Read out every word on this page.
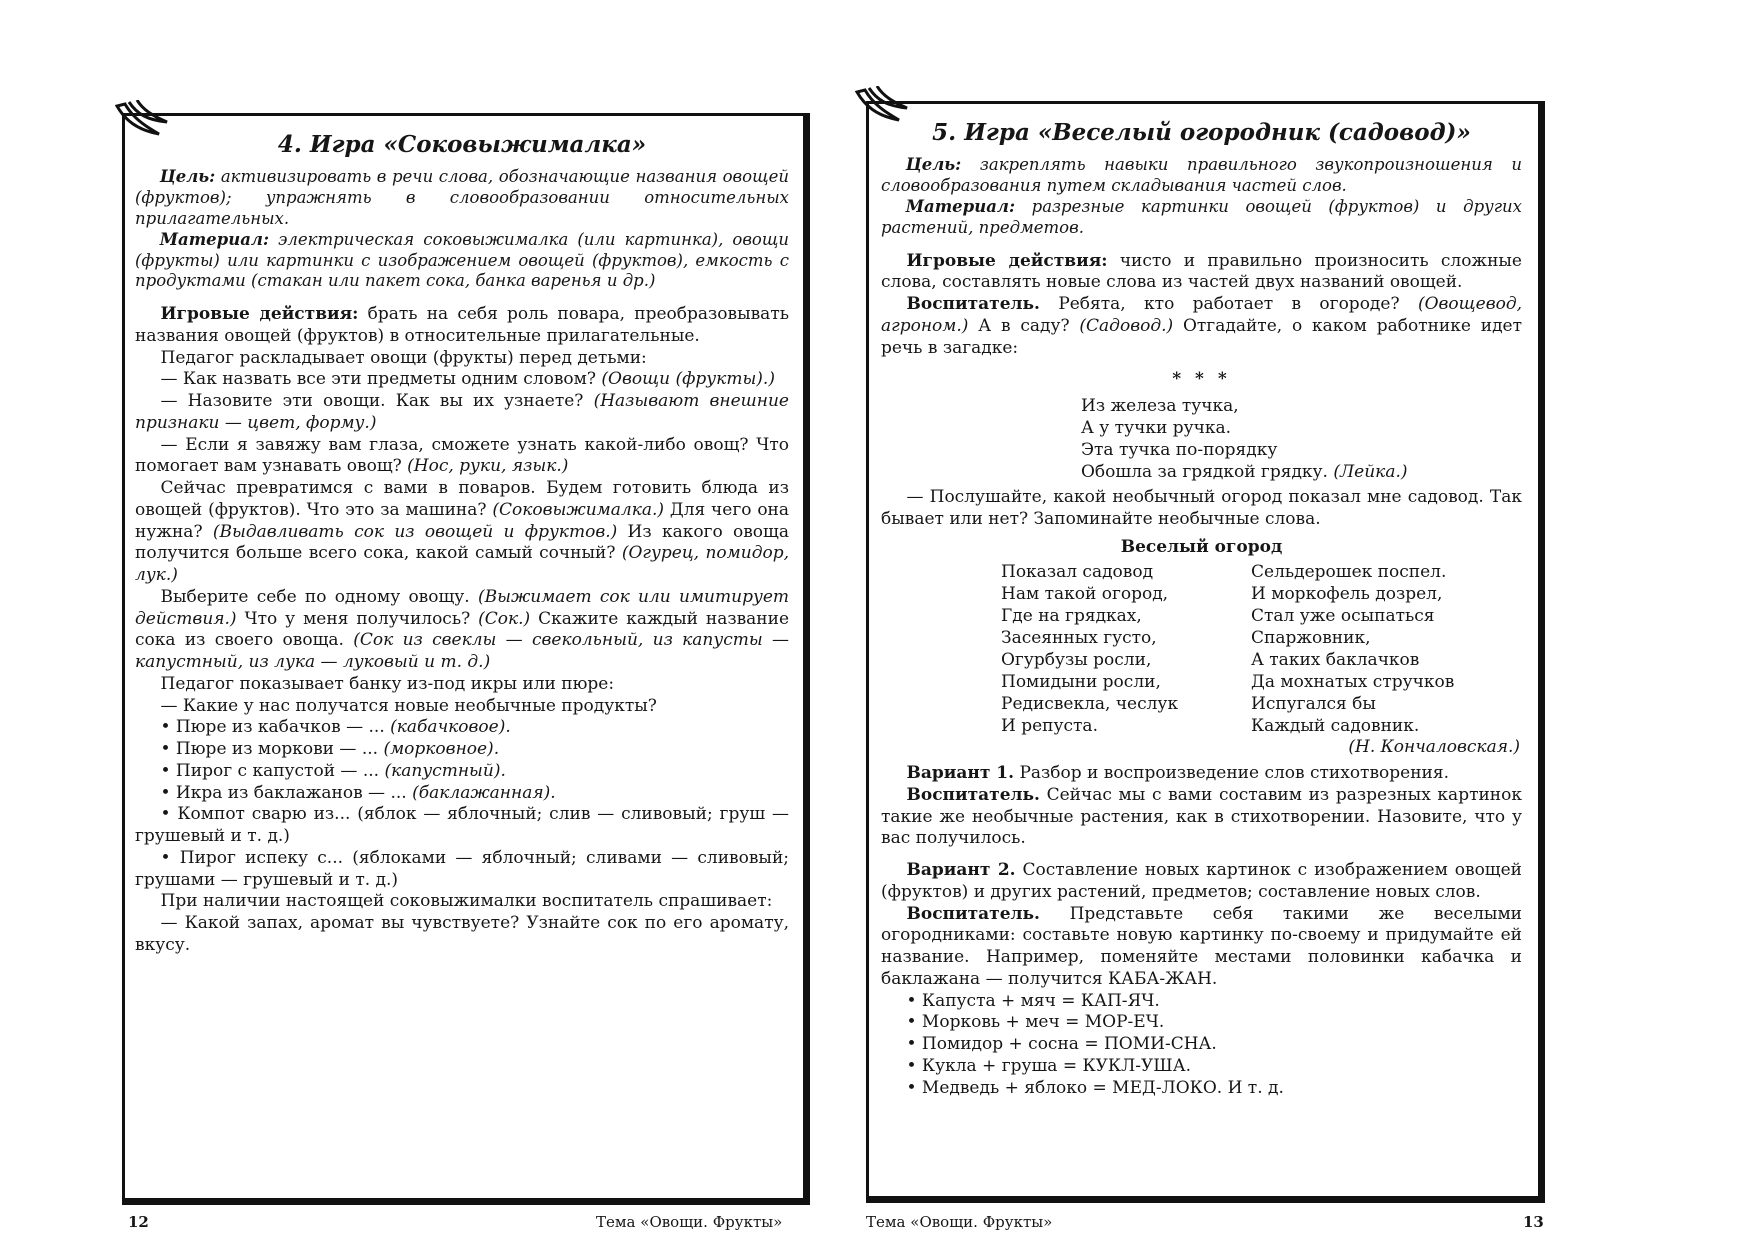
4. Игра «Соковыжималка»

Цель: активизировать в речи слова, обозначающие названия овощей (фруктов); упражнять в словообразовании относительных прилагательных.

Материал: электрическая соковыжималка (или картинка), овощи (фрукты) или картинки с изображением овощей (фруктов), емкость с продуктами (стакан или пакет сока, банка варенья и др.)

Игровые действия: брать на себя роль повара, преобразовывать названия овощей (фруктов) в относительные прилагательные.

Педагог раскладывает овощи (фрукты) перед детьми:

— Как назвать все эти предметы одним словом? (Овощи (фрукты).)

— Назовите эти овощи. Как вы их узнаете? (Называют внешние признаки — цвет, форму.)

— Если я завяжу вам глаза, сможете узнать какой-либо овощ? Что помогает вам узнавать овощ? (Нос, руки, язык.)

Сейчас превратимся с вами в поваров. Будем готовить блюда из овощей (фруктов). Что это за машина? (Соковыжималка.) Для чего она нужна? (Выдавливать сок из овощей и фруктов.) Из какого овоща получится больше всего сока, какой самый сочный? (Огурец, помидор, лук.)

Выберите себе по одному овощу. (Выжимает сок или имитирует действия.) Что у меня получилось? (Сок.) Скажите каждый название сока из своего овоща. (Сок из свеклы — свекольный, из капусты — капустный, из лука — луковый и т. д.)

Педагог показывает банку из-под икры или пюре:

— Какие у нас получатся новые необычные продукты?

• Пюре из кабачков — ... (кабачковое).

• Пюре из моркови — ... (морковное).

• Пирог с капустой — ... (капустный).

• Икра из баклажанов — ... (баклажанная).

• Компот сварю из... (яблок — яблочный; слив — сливовый; груш — грушевый и т. д.)

• Пирог испеку с... (яблоками — яблочный; сливами — сливовый; грушами — грушевый и т. д.)

При наличии настоящей соковыжималки воспитатель спрашивает:

— Какой запах, аромат вы чувствуете? Узнайте сок по его аромату, вкусу.

5. Игра «Веселый огородник (садовод)»

Цель: закреплять навыки правильного звукопроизношения и словообразования путем складывания частей слов.

Материал: разрезные картинки овощей (фруктов) и других растений, предметов.

Игровые действия: чисто и правильно произносить сложные слова, составлять новые слова из частей двух названий овощей.

Воспитатель. Ребята, кто работает в огороде? (Овощевод, агроном.) А в саду? (Садовод.) Отгадайте, о каком работнике идет речь в загадке:

* * *
Из железа тучка,
А у тучки ручка.
Эта тучка по-порядку
Обошла за грядкой грядку. (Лейка.)

— Послушайте, какой необычный огород показал мне садовод. Так бывает или нет? Запоминайте необычные слова.

Веселый огород
Показал садовод
Нам такой огород,
Где на грядках,
Засеянных густо,
Огурбузы росли,
Помидыни росли,
Редисвекла, чеслук
И репуста.
Сельдерошек поспел.
И моркофель дозрел,
Стал уже осыпаться
Спаржовник,
А таких баклачков
Да мохнатых стручков
Испугался бы
Каждый садовник.
(Н. Кончаловская.)

Вариант 1. Разбор и воспроизведение слов стихотворения.

Воспитатель. Сейчас мы с вами составим из разрезных картинок такие же необычные растения, как в стихотворении. Назовите, что у вас получилось.

Вариант 2. Составление новых картинок с изображением овощей (фруктов) и других растений, предметов; составление новых слов.

Воспитатель. Представьте себя такими же веселыми огородниками: составьте новую картинку по-своему и придумайте ей название. Например, поменяйте местами половинки кабачка и баклажана — получится КАБА-ЖАН.

• Капуста + мяч = КАП-ЯЧ.

• Морковь + меч = МОР-ЕЧ.

• Помидор + сосна = ПОМИ-СНА.

• Кукла + груша = КУКЛ-УША.

• Медведь + яблоко = МЕД-ЛОКО. И т. д.

12	Тема «Овощи. Фрукты»	Тема «Овощи. Фрукты»	13
